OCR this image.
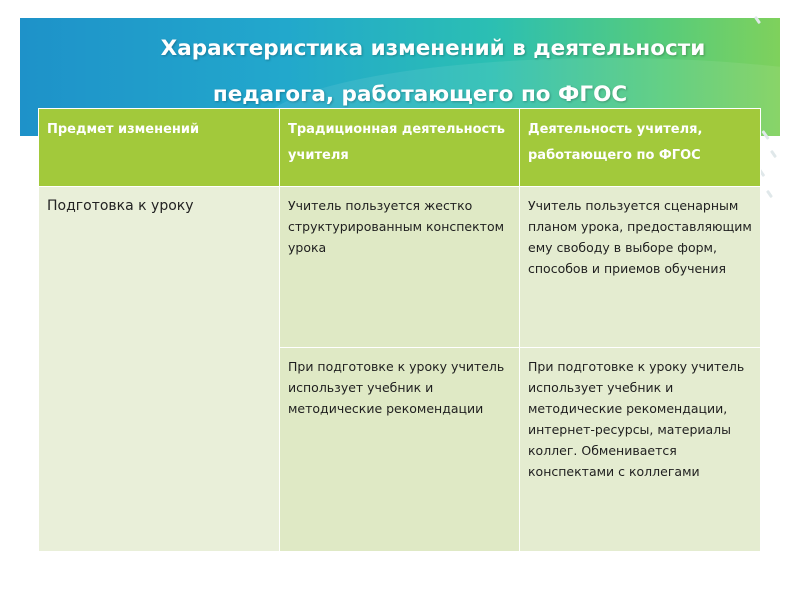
Характеристика изменений в деятельности
педагога, работающего по ФГОС
Предмет изменений	Традиционная деятельность учителя	Деятельность учителя, работающего по ФГОС
Подготовка к уроку	Учитель пользуется жестко структурированным конспектом урока	Учитель пользуется сценарным планом урока, предоставляющим ему свободу в выборе форм, способов и приемов обучения
	При подготовке к уроку учитель использует учебник и методические рекомендации	При подготовке к уроку учитель использует учебник и методические рекомендации, интернет-ресурсы, материалы коллег. Обменивается конспектами с коллегами
